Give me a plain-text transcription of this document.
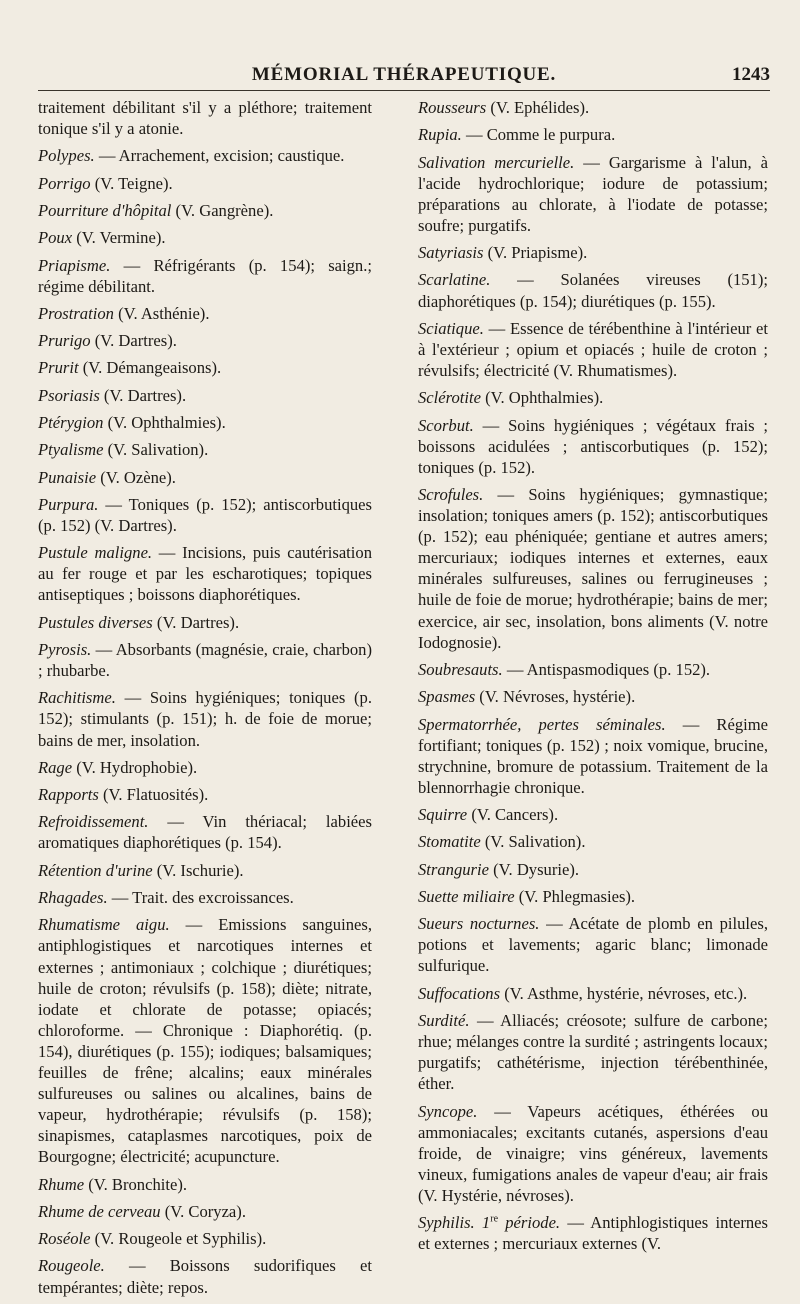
MÉMORIAL THÉRAPEUTIQUE.	1243

traitement débilitant s'il y a pléthore; traitement tonique s'il y a atonie.

Polypes. — Arrachement, excision; caustique.

Porrigo (V. Teigne).

Pourriture d'hôpital (V. Gangrène).

Poux (V. Vermine).

Priapisme. — Réfrigérants (p. 154); saign.; régime débilitant.

Prostration (V. Asthénie).

Prurigo (V. Dartres).

Prurit (V. Démangeaisons).

Psoriasis (V. Dartres).

Ptérygion (V. Ophthalmies).

Ptyalisme (V. Salivation).

Punaisie (V. Ozène).

Purpura. — Toniques (p. 152); antiscorbutiques (p. 152) (V. Dartres).

Pustule maligne. — Incisions, puis cautérisation au fer rouge et par les escharotiques; topiques antiseptiques ; boissons diaphorétiques.

Pustules diverses (V. Dartres).

Pyrosis. — Absorbants (magnésie, craie, charbon) ; rhubarbe.

Rachitisme. — Soins hygiéniques; toniques (p. 152); stimulants (p. 151); h. de foie de morue; bains de mer, insolation.

Rage (V. Hydrophobie).

Rapports (V. Flatuosités).

Refroidissement. — Vin thériacal; labiées aromatiques diaphorétiques (p. 154).

Rétention d'urine (V. Ischurie).

Rhagades. — Trait. des excroissances.

Rhumatisme aigu. — Emissions sanguines, antiphlogistiques et narcotiques internes et externes ; antimoniaux ; colchique ; diurétiques; huile de croton; révulsifs (p. 158); diète; nitrate, iodate et chlorate de potasse; opiacés; chloroforme. — Chronique : Diaphorétiq. (p. 154), diurétiques (p. 155); iodiques; balsamiques; feuilles de frêne; alcalins; eaux minérales sulfureuses ou salines ou alcalines, bains de vapeur, hydrothérapie; révulsifs (p. 158); sinapismes, cataplasmes narcotiques, poix de Bourgogne; électricité; acupuncture.

Rhume (V. Bronchite).

Rhume de cerveau (V. Coryza).

Roséole (V. Rougeole et Syphilis).

Rougeole. — Boissons sudorifiques et tempérantes; diète; repos.

Rousseurs (V. Ephélides).

Rupia. — Comme le purpura.

Salivation mercurielle. — Gargarisme à l'alun, à l'acide hydrochlorique; iodure de potassium; préparations au chlorate, à l'iodate de potasse; soufre; purgatifs.

Satyriasis (V. Priapisme).

Scarlatine. — Solanées vireuses (151); diaphorétiques (p. 154); diurétiques (p. 155).

Sciatique. — Essence de térébenthine à l'intérieur et à l'extérieur ; opium et opiacés ; huile de croton ; révulsifs; électricité (V. Rhumatismes).

Sclérotite (V. Ophthalmies).

Scorbut. — Soins hygiéniques ; végétaux frais ; boissons acidulées ; antiscorbutiques (p. 152); toniques (p. 152).

Scrofules. — Soins hygiéniques; gymnastique; insolation; toniques amers (p. 152); antiscorbutiques (p. 152); eau phéniquée; gentiane et autres amers; mercuriaux; iodiques internes et externes, eaux minérales sulfureuses, salines ou ferrugineuses ; huile de foie de morue; hydrothérapie; bains de mer; exercice, air sec, insolation, bons aliments (V. notre Iodognosie).

Soubresauts. — Antispasmodiques (p. 152).

Spasmes (V. Névroses, hystérie).

Spermatorrhée, pertes séminales. — Régime fortifiant; toniques (p. 152) ; noix vomique, brucine, strychnine, bromure de potassium. Traitement de la blennorrhagie chronique.

Squirre (V. Cancers).

Stomatite (V. Salivation).

Strangurie (V. Dysurie).

Suette miliaire (V. Phlegmasies).

Sueurs nocturnes. — Acétate de plomb en pilules, potions et lavements; agaric blanc; limonade sulfurique.

Suffocations (V. Asthme, hystérie, névroses, etc.).

Surdité. — Alliacés; créosote; sulfure de carbone; rhue; mélanges contre la surdité ; astringents locaux; purgatifs; cathétérisme, injection térébenthinée, éther.

Syncope. — Vapeurs acétiques, éthérées ou ammoniacales; excitants cutanés, aspersions d'eau froide, de vinaigre; vins généreux, lavements vineux, fumigations anales de vapeur d'eau; air frais (V. Hystérie, névroses).

Syphilis. 1re période. — Antiphlogistiques internes et externes ; mercuriaux externes (V.
